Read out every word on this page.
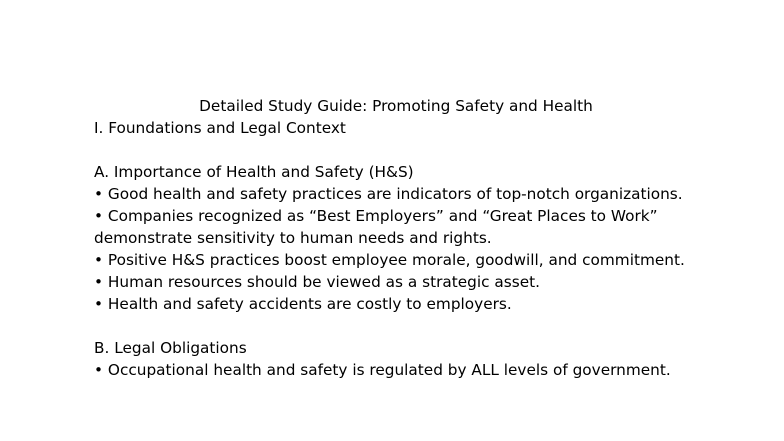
Detailed Study Guide: Promoting Safety and Health

I. Foundations and Legal Context

A. Importance of Health and Safety (H&S)

• Good health and safety practices are indicators of top-notch organizations.
• Companies recognized as “Best Employers” and “Great Places to Work” demonstrate sensitivity to human needs and rights.
• Positive H&S practices boost employee morale, goodwill, and commitment.
• Human resources should be viewed as a strategic asset.
• Health and safety accidents are costly to employers.

B. Legal Obligations

• Occupational health and safety is regulated by ALL levels of government.
